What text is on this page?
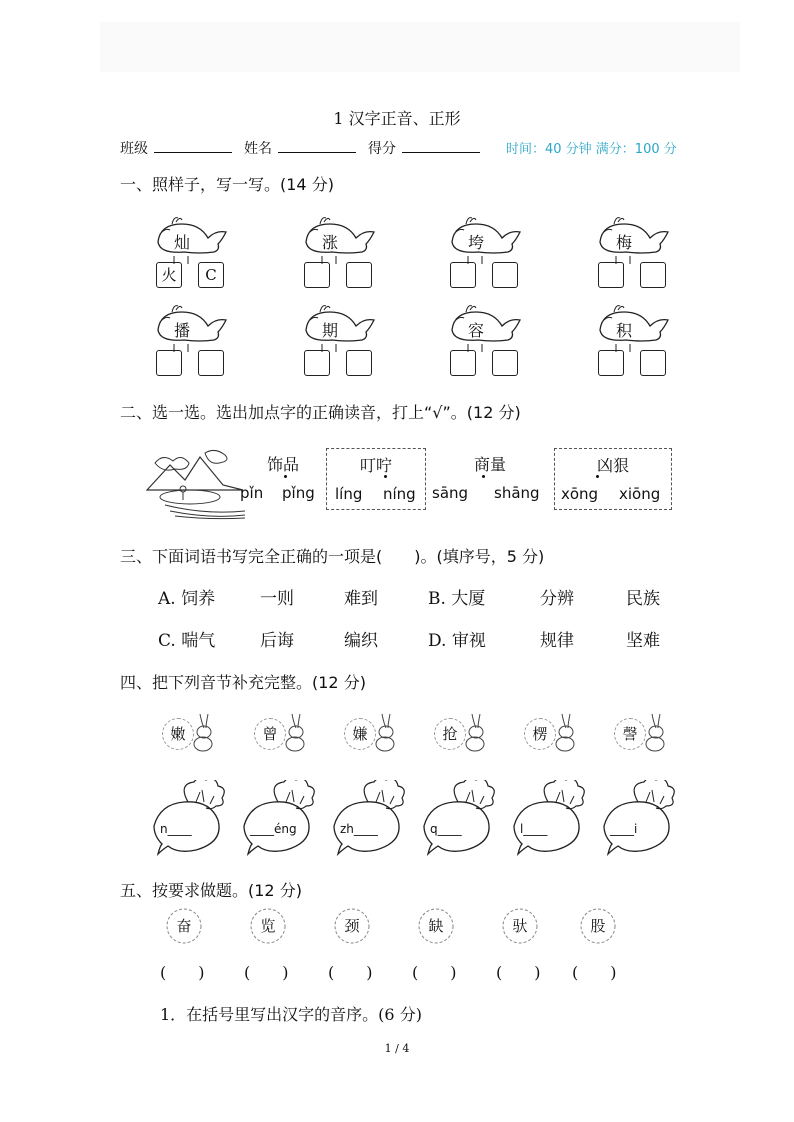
1 汉字正音、正形
班级	姓名	得分	时间：40 分钟 满分：100 分
一、照样子，写一写。(14 分)
灿
火	C
涨	垮	梅
播	期	容	积
二、选一选。选出加点字的正确读音，打上“√”。(12 分)
饰品
pǐn pǐng
叮咛
líng níng
商量
sāng shāng
凶狠
xōng xiōng
三、下面词语书写完全正确的一项是(　　)。(填序号，5 分)
A. 饲养	一则	难到	B. 大厦	分辨	民族
C. 喘气	后诲	编织	D. 审视	规律	坚难
四、把下列音节补充完整。(12 分)
嫩	曾	嫌	抢	楞	謦
n____	____éng	zh____	q____	l____	____i
五、按要求做题。(12 分)
奋	览	颈	缺	驮	股
(　　) (　　) (　　) (　　) (　　) (　　)
1．在括号里写出汉字的音序。(6 分)
1 / 4
